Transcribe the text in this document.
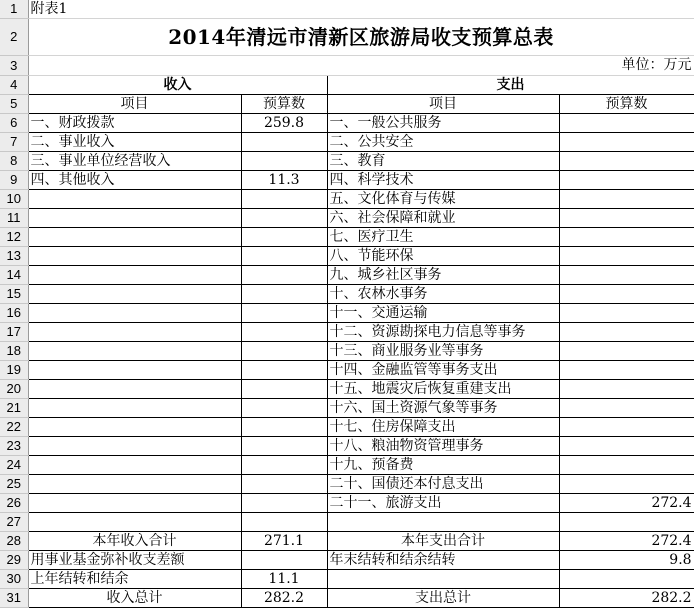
1	附表1			
2	2014年清远市清新区旅游局收支预算总表			
3	单位：万元			
4	收入		支出	
5	项目	预算数	项目	预算数
6	一、财政拨款	259.8	一、一般公共服务	
7	二、事业收入		二、公共安全	
8	三、事业单位经营收入		三、教育	
9	四、其他收入	11.3	四、科学技术	
10			五、文化体育与传媒	
11			六、社会保障和就业	
12			七、医疗卫生	
13			八、节能环保	
14			九、城乡社区事务	
15			十、农林水事务	
16			十一、交通运输	
17			十二、资源勘探电力信息等事务	
18			十三、商业服务业等事务	
19			十四、金融监管等事务支出	
20			十五、地震灾后恢复重建支出	
21			十六、国土资源气象等事务	
22			十七、住房保障支出	
23			十八、粮油物资管理事务	
24			十九、预备费	
25			二十、国债还本付息支出	
26			二十一、旅游支出	272.4
27				
28	本年收入合计	271.1	本年支出合计	272.4
29	用事业基金弥补收支差额		年末结转和结余结转	9.8
30	上年结转和结余	11.1		
31	收入总计	282.2	支出总计	282.2
